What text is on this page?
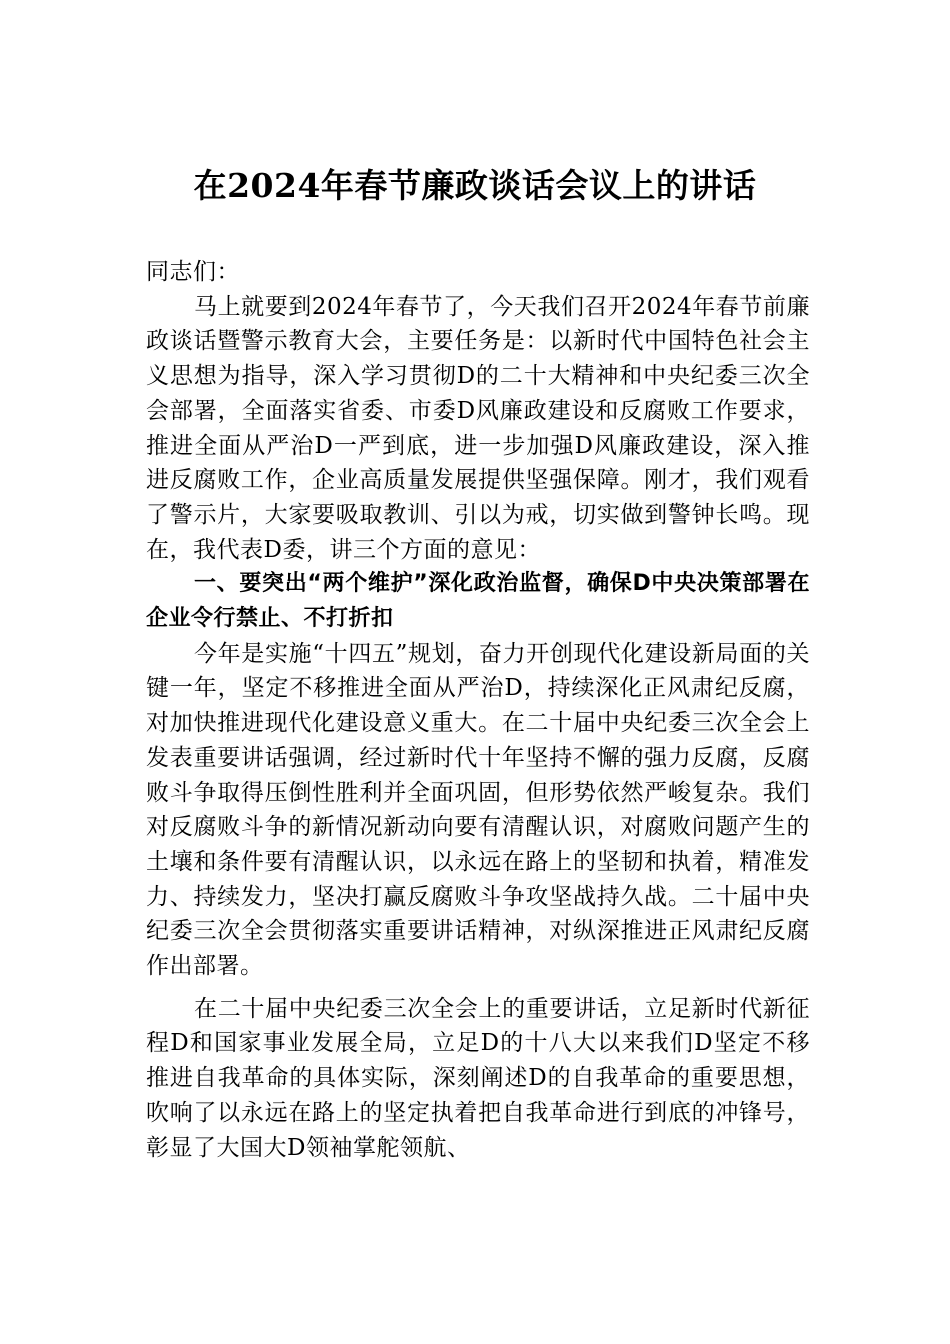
在2024年春节廉政谈话会议上的讲话

同志们：

马上就要到2024年春节了，今天我们召开2024年春节前廉政谈话暨警示教育大会，主要任务是：以新时代中国特色社会主义思想为指导，深入学习贯彻D的二十大精神和中央纪委三次全会部署，全面落实省委、市委D风廉政建设和反腐败工作要求，推进全面从严治D一严到底，进一步加强D风廉政建设，深入推进反腐败工作，企业高质量发展提供坚强保障。刚才，我们观看了警示片，大家要吸取教训、引以为戒，切实做到警钟长鸣。现在，我代表D委，讲三个方面的意见：

一、要突出“两个维护”深化政治监督，确保D中央决策部署在企业令行禁止、不打折扣

今年是实施“十四五”规划，奋力开创现代化建设新局面的关键一年，坚定不移推进全面从严治D，持续深化正风肃纪反腐，对加快推进现代化建设意义重大。在二十届中央纪委三次全会上发表重要讲话强调，经过新时代十年坚持不懈的强力反腐，反腐败斗争取得压倒性胜利并全面巩固，但形势依然严峻复杂。我们对反腐败斗争的新情况新动向要有清醒认识，对腐败问题产生的土壤和条件要有清醒认识，以永远在路上的坚韧和执着，精准发力、持续发力，坚决打赢反腐败斗争攻坚战持久战。二十届中央纪委三次全会贯彻落实重要讲话精神，对纵深推进正风肃纪反腐作出部署。

在二十届中央纪委三次全会上的重要讲话，立足新时代新征程D和国家事业发展全局，立足D的十八大以来我们D坚定不移推进自我革命的具体实际，深刻阐述D的自我革命的重要思想，吹响了以永远在路上的坚定执着把自我革命进行到底的冲锋号，彰显了大国大D领袖掌舵领航、
